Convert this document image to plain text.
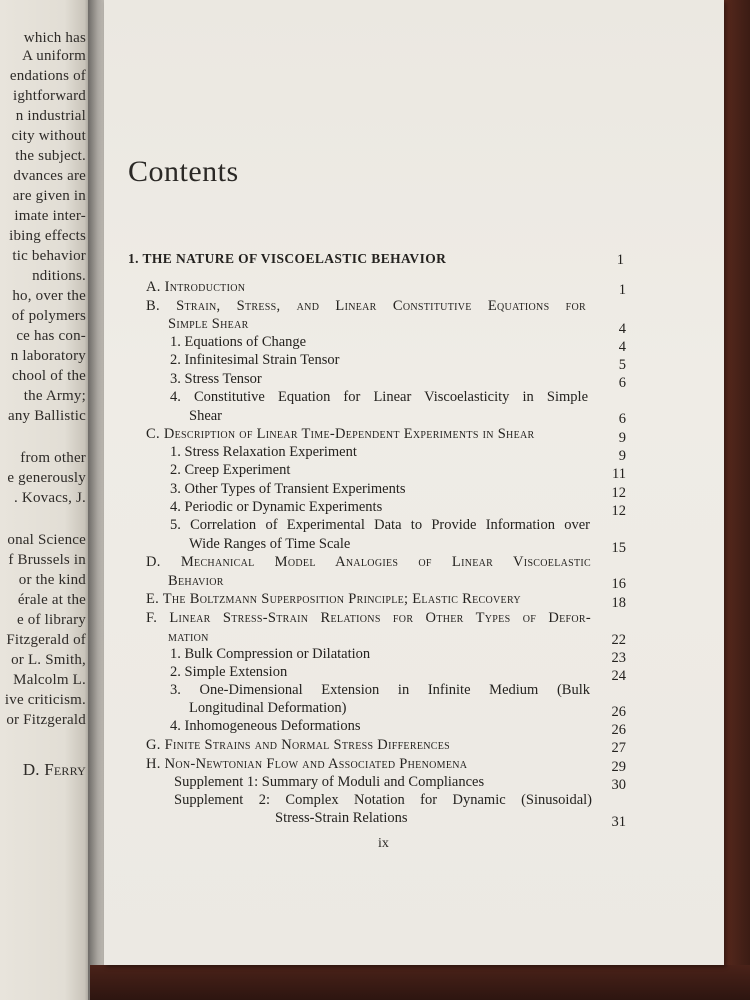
which has
A uniform
endations of
ightforward
n industrial
city without
the subject.
dvances are
are given in
imate inter-
ibing effects
tic behavior
nditions.
ho, over the
of polymers
ce has con-
n laboratory
chool of the
the Army;
any Ballistic
from other
e generously
. Kovacs, J.
onal Science
f Brussels in
or the kind
érale at the
e of library
Fitzgerald of
or L. Smith,
Malcolm L.
ive criticism.
or Fitzgerald
D. Ferry
Contents
1. THE NATURE OF VISCOELASTIC BEHAVIOR	1
A. Introduction	1
B. Strain, Stress, and Linear Constitutive Equations for
Simple Shear	4
1. Equations of Change	4
2. Infinitesimal Strain Tensor	5
3. Stress Tensor	6
4. Constitutive Equation for Linear Viscoelasticity in Simple
Shear	6
C. Description of Linear Time-Dependent Experiments in Shear	9
1. Stress Relaxation Experiment	9
2. Creep Experiment	11
3. Other Types of Transient Experiments	12
4. Periodic or Dynamic Experiments	12
5. Correlation of Experimental Data to Provide Information over
Wide Ranges of Time Scale	15
D. Mechanical Model Analogies of Linear Viscoelastic
Behavior	16
E. The Boltzmann Superposition Principle; Elastic Recovery	18
F. Linear Stress-Strain Relations for Other Types of Defor-
mation	22
1. Bulk Compression or Dilatation	23
2. Simple Extension	24
3. One-Dimensional Extension in Infinite Medium (Bulk
Longitudinal Deformation)	26
4. Inhomogeneous Deformations	26
G. Finite Strains and Normal Stress Differences	27
H. Non-Newtonian Flow and Associated Phenomena	29
Supplement 1: Summary of Moduli and Compliances	30
Supplement 2: Complex Notation for Dynamic (Sinusoidal)
Stress-Strain Relations	31
ix
